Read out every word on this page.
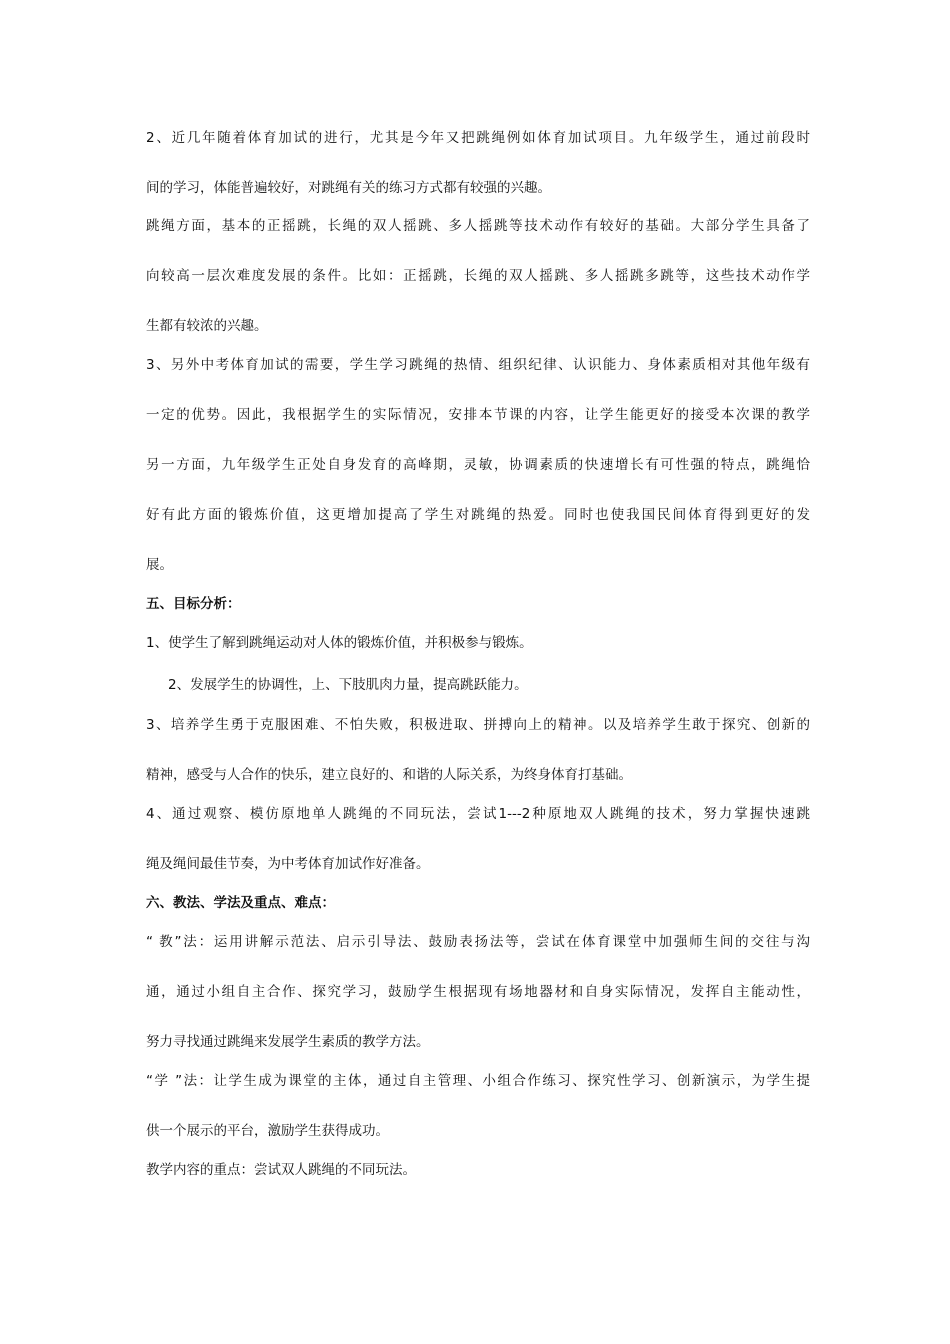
2、近几年随着体育加试的进行，尤其是今年又把跳绳例如体育加试项目。九年级学生，通过前段时
间的学习，体能普遍较好，对跳绳有关的练习方式都有较强的兴趣。
跳绳方面，基本的正摇跳，长绳的双人摇跳、多人摇跳等技术动作有较好的基础。大部分学生具备了
向较高一层次难度发展的条件。比如：正摇跳，长绳的双人摇跳、多人摇跳多跳等，这些技术动作学
生都有较浓的兴趣。
3、另外中考体育加试的需要，学生学习跳绳的热情、组织纪律、认识能力、身体素质相对其他年级有
一定的优势。因此，我根据学生的实际情况，安排本节课的内容，让学生能更好的接受本次课的教学
另一方面，九年级学生正处自身发育的高峰期，灵敏，协调素质的快速增长有可性强的特点，跳绳恰
好有此方面的锻炼价值，这更增加提高了学生对跳绳的热爱。同时也使我国民间体育得到更好的发
展。
五、目标分析：
1、使学生了解到跳绳运动对人体的锻炼价值，并积极参与锻炼。
2、发展学生的协调性，上、下肢肌肉力量，提高跳跃能力。
3、培养学生勇于克服困难、不怕失败，积极进取、拼搏向上的精神。以及培养学生敢于探究、创新的
精神，感受与人合作的快乐，建立良好的、和谐的人际关系，为终身体育打基础。
4、通过观察、模仿原地单人跳绳的不同玩法，尝试1---2种原地双人跳绳的技术，努力掌握快速跳
绳及绳间最佳节奏，为中考体育加试作好准备。
六、教法、学法及重点、难点：
“ 教”法：运用讲解示范法、启示引导法、鼓励表扬法等，尝试在体育课堂中加强师生间的交往与沟
通，通过小组自主合作、探究学习，鼓励学生根据现有场地器材和自身实际情况，发挥自主能动性，
努力寻找通过跳绳来发展学生素质的教学方法。
“学 ”法：让学生成为课堂的主体，通过自主管理、小组合作练习、探究性学习、创新演示，为学生提
供一个展示的平台，激励学生获得成功。
教学内容的重点：尝试双人跳绳的不同玩法。
